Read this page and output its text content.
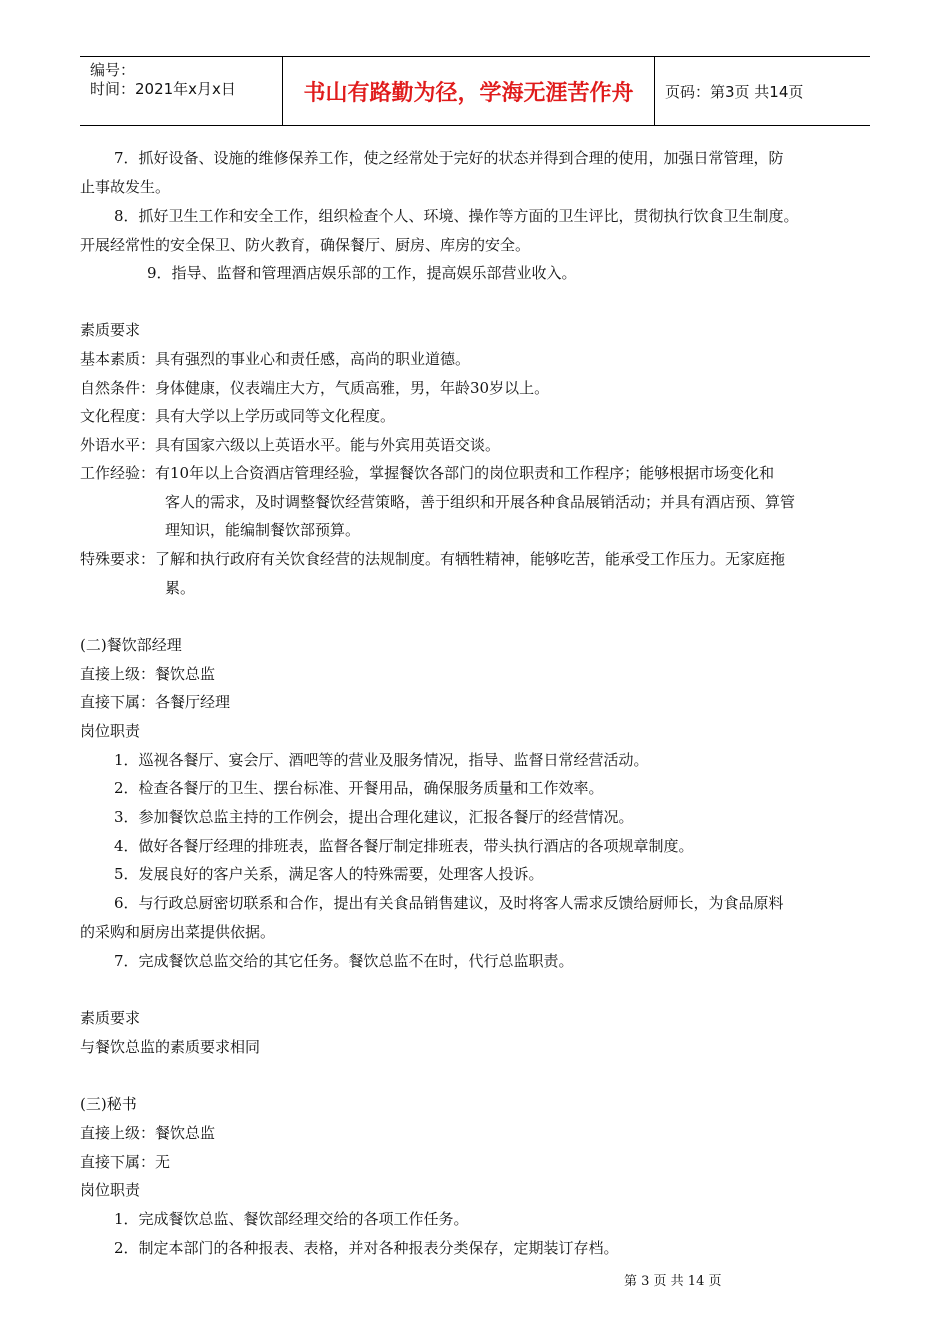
编号：
时间：2021年x月x日	书山有路勤为径，学海无涯苦作舟	页码：第3页 共14页
7．抓好设备、设施的维修保养工作，使之经常处于完好的状态并得到合理的使用，加强日常管理，防
止事故发生。
8．抓好卫生工作和安全工作，组织检查个人、环境、操作等方面的卫生评比，贯彻执行饮食卫生制度。
开展经常性的安全保卫、防火教育，确保餐厅、厨房、库房的安全。
9．指导、监督和管理酒店娱乐部的工作，提高娱乐部营业收入。
素质要求
基本素质：具有强烈的事业心和责任感，高尚的职业道德。
自然条件：身体健康，仪表端庄大方，气质高雅，男，年龄30岁以上。
文化程度：具有大学以上学历或同等文化程度。
外语水平：具有国家六级以上英语水平。能与外宾用英语交谈。
工作经验：有10年以上合资酒店管理经验，掌握餐饮各部门的岗位职责和工作程序；能够根据市场变化和
客人的需求，及时调整餐饮经营策略，善于组织和开展各种食品展销活动；并具有酒店预、算管
理知识，能编制餐饮部预算。
特殊要求：了解和执行政府有关饮食经营的法规制度。有牺牲精神，能够吃苦，能承受工作压力。无家庭拖
累。
(二)餐饮部经理
直接上级：餐饮总监
直接下属：各餐厅经理
岗位职责
1．巡视各餐厅、宴会厅、酒吧等的营业及服务情况，指导、监督日常经营活动。
2．检查各餐厅的卫生、摆台标准、开餐用品，确保服务质量和工作效率。
3．参加餐饮总监主持的工作例会，提出合理化建议，汇报各餐厅的经营情况。
4．做好各餐厅经理的排班表，监督各餐厅制定排班表，带头执行酒店的各项规章制度。
5．发展良好的客户关系，满足客人的特殊需要，处理客人投诉。
6．与行政总厨密切联系和合作，提出有关食品销售建议，及时将客人需求反馈给厨师长，为食品原料
的采购和厨房出菜提供依据。
7．完成餐饮总监交给的其它任务。餐饮总监不在时，代行总监职责。
素质要求
与餐饮总监的素质要求相同
(三)秘书
直接上级：餐饮总监
直接下属：无
岗位职责
1．完成餐饮总监、餐饮部经理交给的各项工作任务。
2．制定本部门的各种报表、表格，并对各种报表分类保存，定期装订存档。
第 3 页 共 14 页
